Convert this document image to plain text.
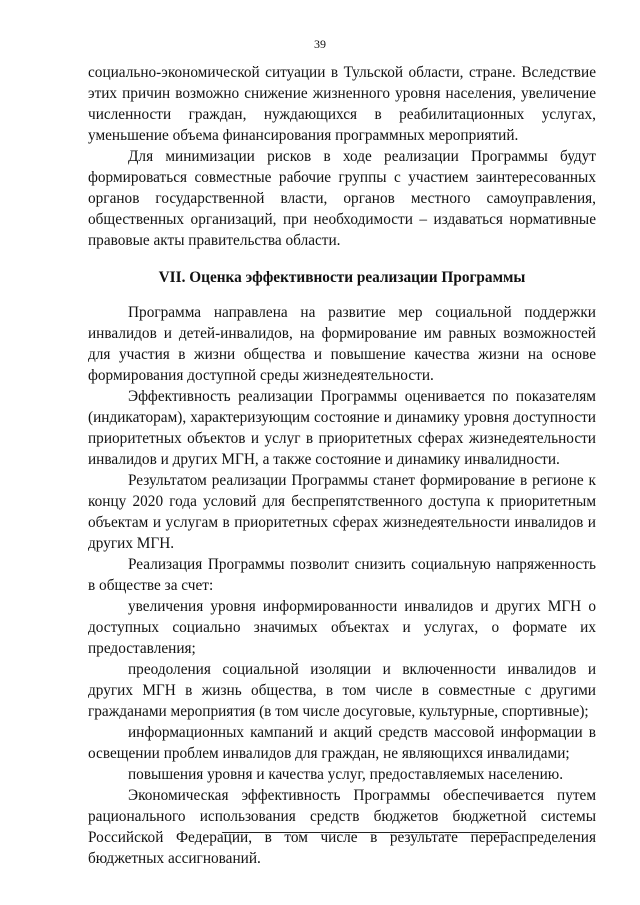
39

социально-экономической ситуации в Тульской области, стране. Вследствие этих причин возможно снижение жизненного уровня населения, увеличение численности граждан, нуждающихся в реабилитационных услугах, уменьшение объема финансирования программных мероприятий.

Для минимизации рисков в ходе реализации Программы будут формироваться совместные рабочие группы с участием заинтересованных органов государственной власти, органов местного самоуправления, общественных организаций, при необходимости – издаваться нормативные правовые акты правительства области.

VII. Оценка эффективности реализации Программы

Программа направлена на развитие мер социальной поддержки инвалидов и детей-инвалидов, на формирование им равных возможностей для участия в жизни общества и повышение качества жизни на основе формирования доступной среды жизнедеятельности.

Эффективность реализации Программы оценивается по показателям (индикаторам), характеризующим состояние и динамику уровня доступности приоритетных объектов и услуг в приоритетных сферах жизнедеятельности инвалидов и других МГН, а также состояние и динамику инвалидности.

Результатом реализации Программы станет формирование в регионе к концу 2020 года условий для беспрепятственного доступа к приоритетным объектам и услугам в приоритетных сферах жизнедеятельности инвалидов и других МГН.

Реализация Программы позволит снизить социальную напряженность в обществе за счет:

увеличения уровня информированности инвалидов и других МГН о доступных социально значимых объектах и услугах, о формате их предоставления;

преодоления социальной изоляции и включенности инвалидов и других МГН в жизнь общества, в том числе в совместные с другими гражданами мероприятия (в том числе досуговые, культурные, спортивные);

информационных кампаний и акций средств массовой информации в освещении проблем инвалидов для граждан, не являющихся инвалидами;

повышения уровня и качества услуг, предоставляемых населению.

Экономическая эффективность Программы обеспечивается путем рационального использования средств бюджетов бюджетной системы Российской Федерации, в том числе в результате перераспределения бюджетных ассигнований.
